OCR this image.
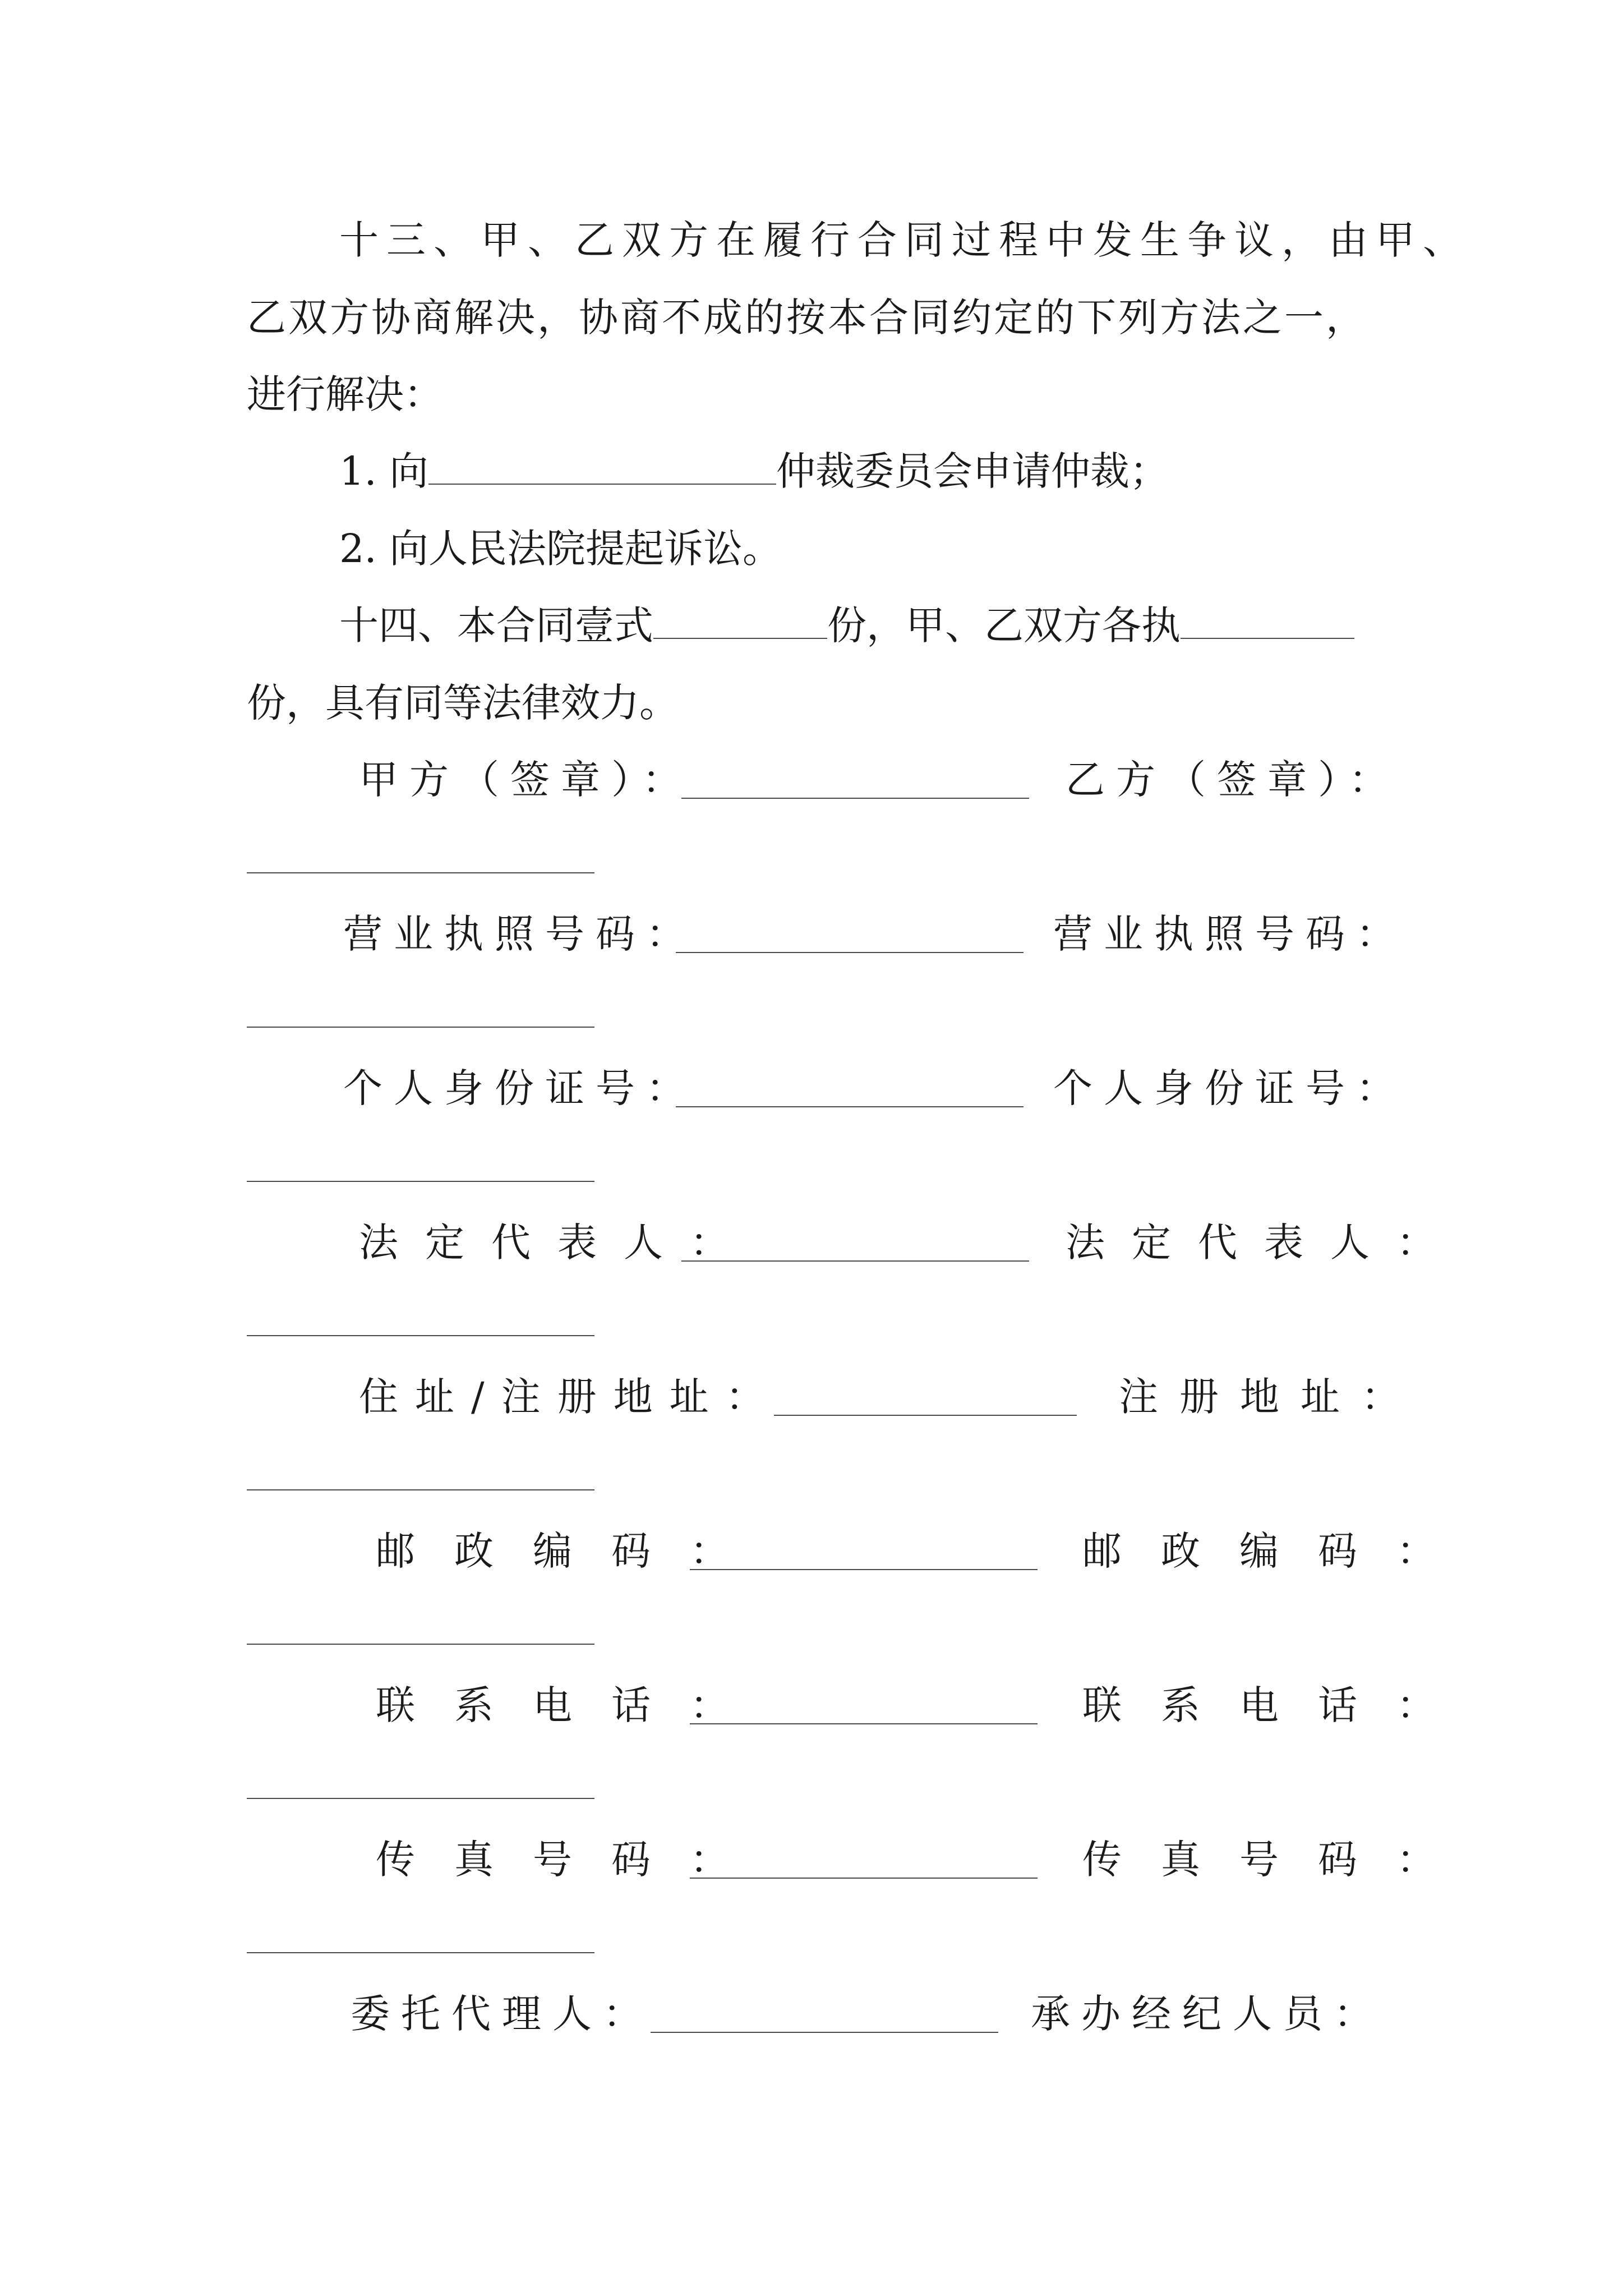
十三、甲、乙双方在履行合同过程中发生争议，由甲、
乙双方协商解决，协商不成的按本合同约定的下列方法之一，
进行解决：
1. 向	仲裁委员会申请仲裁；
2. 向人民法院提起诉讼。
十四、本合同壹式	份，甲、乙双方各执
份，具有同等法律效力。
甲方（签章）：	乙方（签章）：
营业执照号码：	营业执照号码：
个人身份证号：	个人身份证号：
法定代表人：	法定代表人：
住址/注册地址：	注册地址：
邮政编码：	邮政编码：
联系电话：	联系电话：
传真号码：	传真号码：
委托代理人：	承办经纪人员：
